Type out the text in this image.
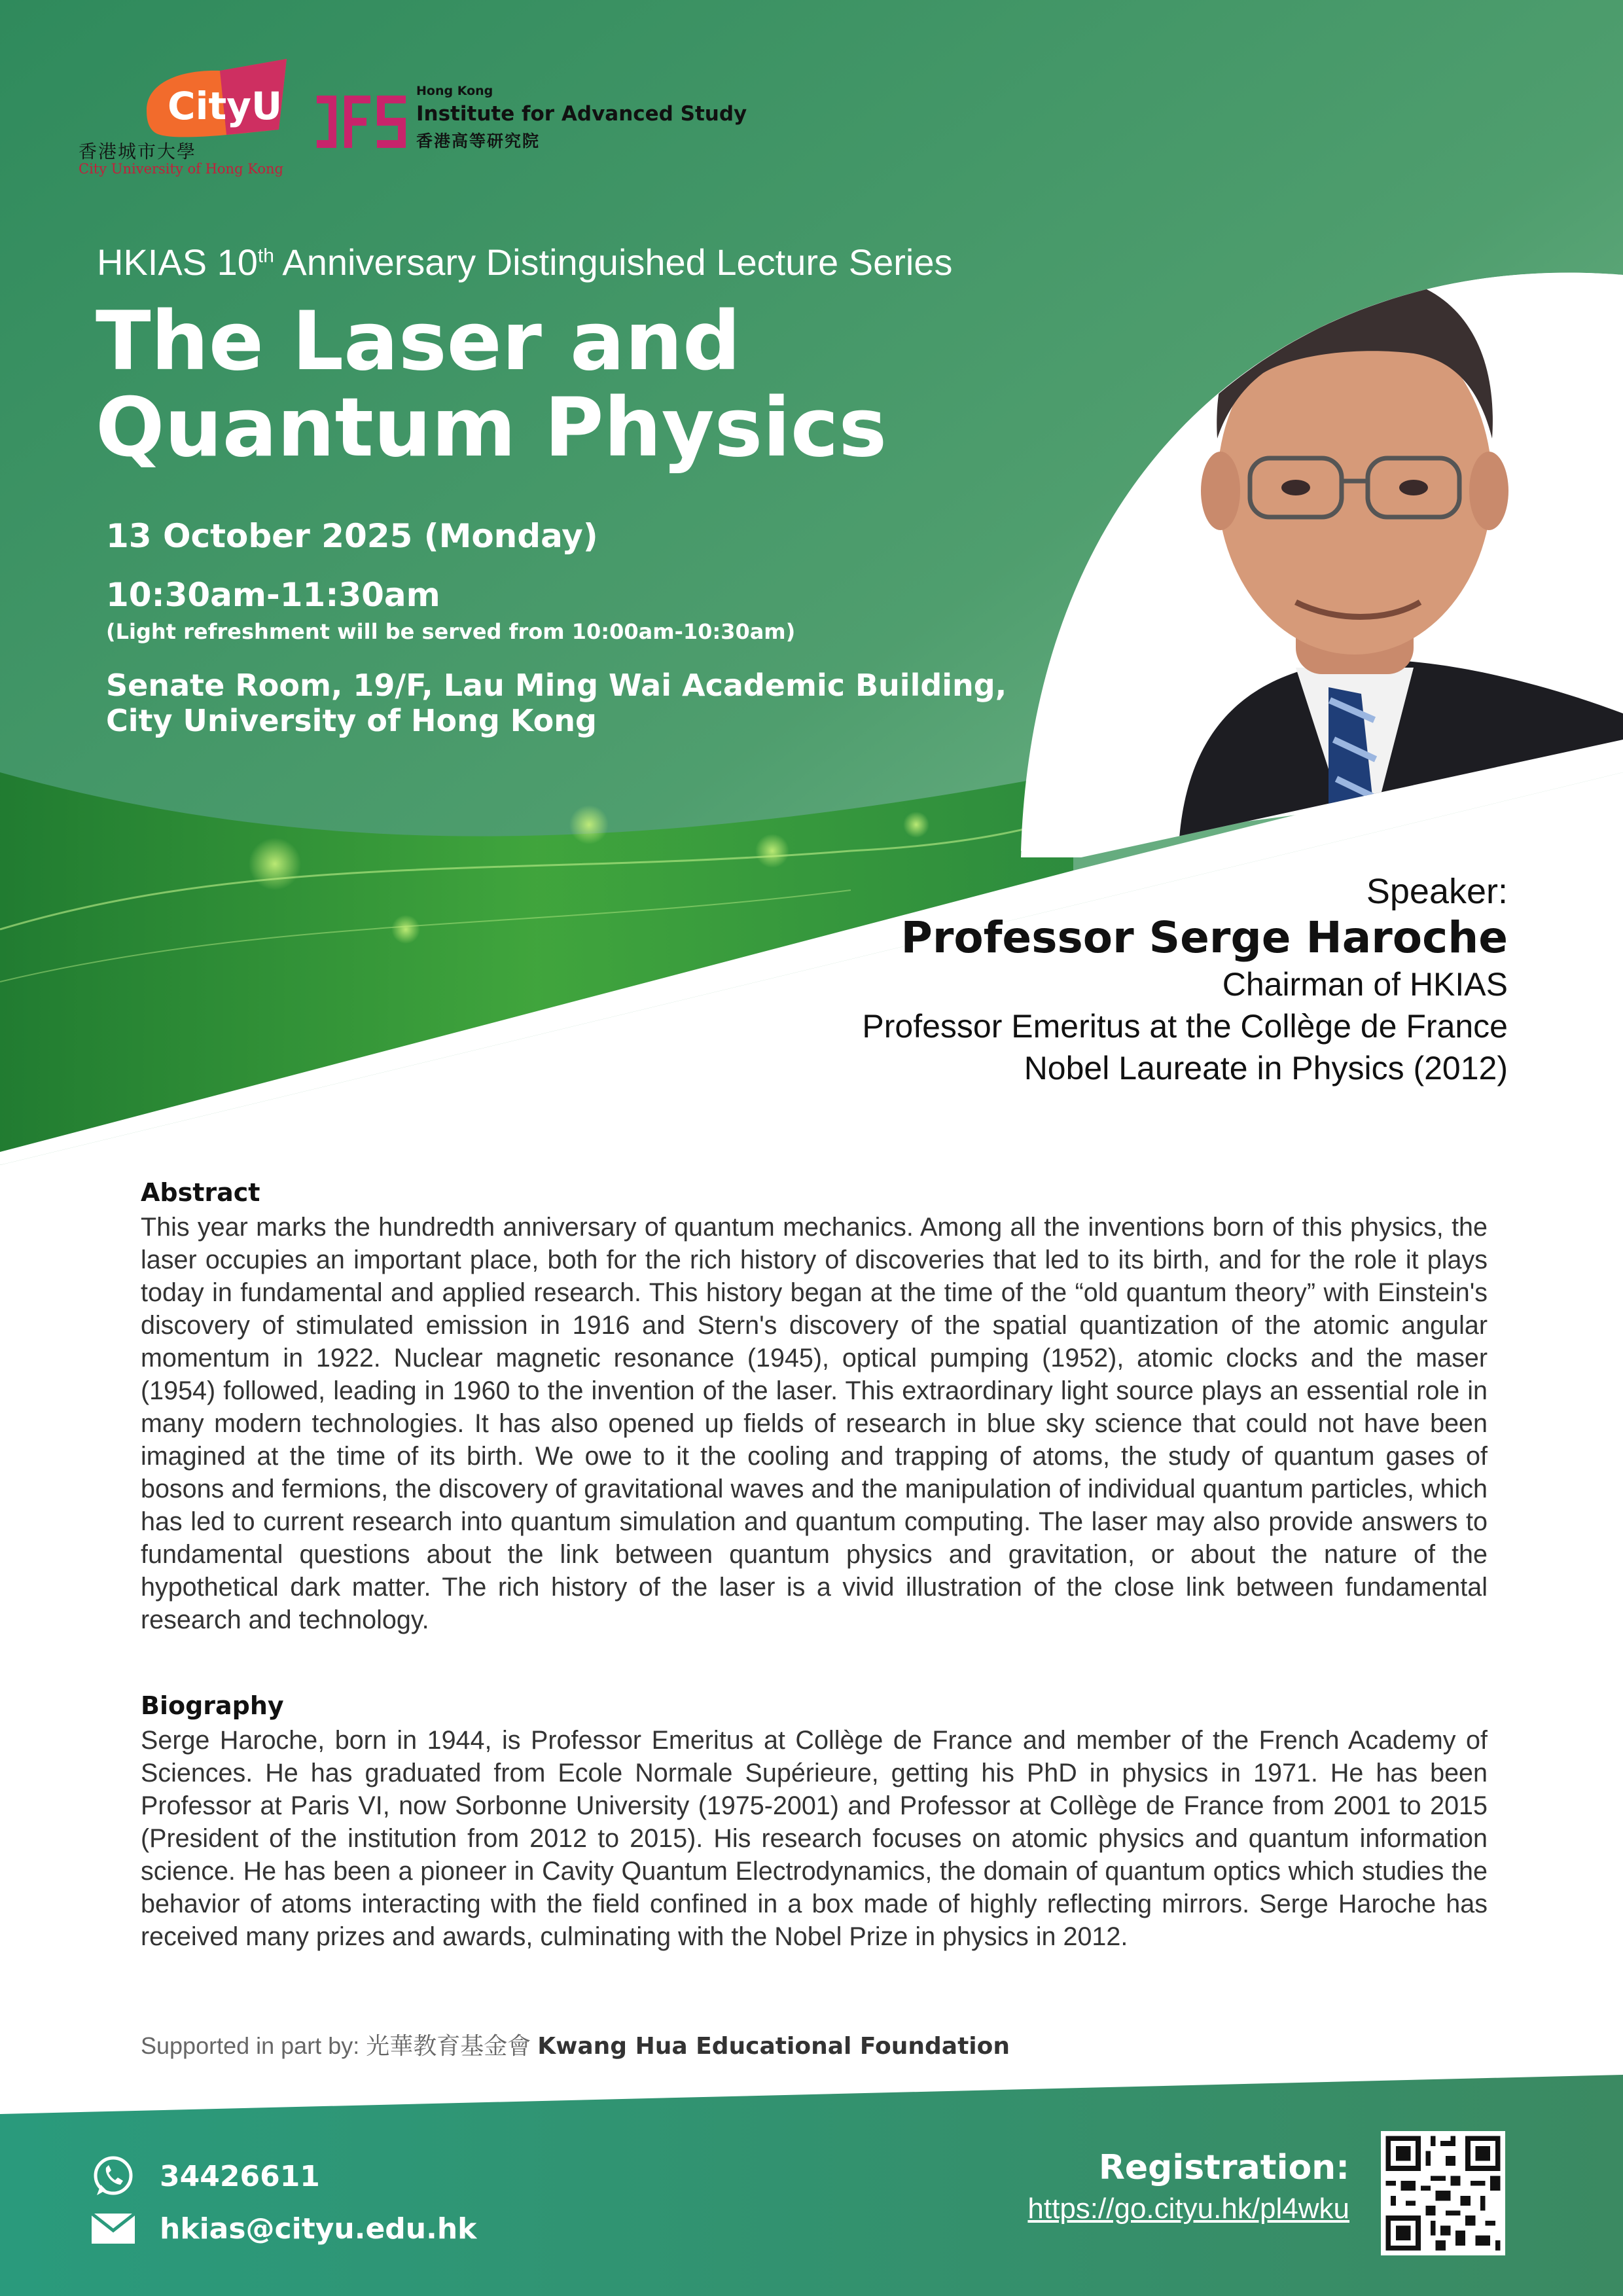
CityU
香港城市大學
City University of Hong Kong
Hong Kong
Institute for Advanced Study
香港高等研究院
HKIAS 10th Anniversary Distinguished Lecture Series
The Laser and
Quantum Physics
13 October 2025 (Monday)
10:30am-11:30am
(Light refreshment will be served from 10:00am-10:30am)
Senate Room, 19/F, Lau Ming Wai Academic Building,
City University of Hong Kong
Speaker:
Professor Serge Haroche
Chairman of HKIAS
Professor Emeritus at the Collège de France
Nobel Laureate in Physics (2012)
Abstract
This year marks the hundredth anniversary of quantum mechanics. Among all the inventions born of this physics, the laser occupies an important place, both for the rich history of discoveries that led to its birth, and for the role it plays today in fundamental and applied research. This history began at the time of the “old quantum theory” with Einstein's discovery of stimulated emission in 1916 and Stern's discovery of the spatial quantization of the atomic angular momentum in 1922. Nuclear magnetic resonance (1945), optical pumping (1952), atomic clocks and the maser (1954) followed, leading in 1960 to the invention of the laser. This extraordinary light source plays an essential role in many modern technologies. It has also opened up fields of research in blue sky science that could not have been imagined at the time of its birth. We owe to it the cooling and trapping of atoms, the study of quantum gases of bosons and fermions, the discovery of gravitational waves and the manipulation of individual quantum particles, which has led to current research into quantum simulation and quantum computing. The laser may also provide answers to fundamental questions about the link between quantum physics and gravitation, or about the nature of the hypothetical dark matter. The rich history of the laser is a vivid illustration of the close link between fundamental research and technology.
Biography
Serge Haroche, born in 1944, is Professor Emeritus at Collège de France and member of the French Academy of Sciences. He has graduated from Ecole Normale Supérieure, getting his PhD in physics in 1971. He has been Professor at Paris VI, now Sorbonne University (1975-2001) and Professor at Collège de France from 2001 to 2015 (President of the institution from 2012 to 2015). His research focuses on atomic physics and quantum information science. He has been a pioneer in Cavity Quantum Electrodynamics, the domain of quantum optics which studies the behavior of atoms interacting with the field confined in a box made of highly reflecting mirrors. Serge Haroche has received many prizes and awards, culminating with the Nobel Prize in physics in 2012.
Supported in part by: 光華教育基金會 Kwang Hua Educational Foundation
34426611
hkias@cityu.edu.hk
Registration:
https://go.cityu.hk/pl4wku
